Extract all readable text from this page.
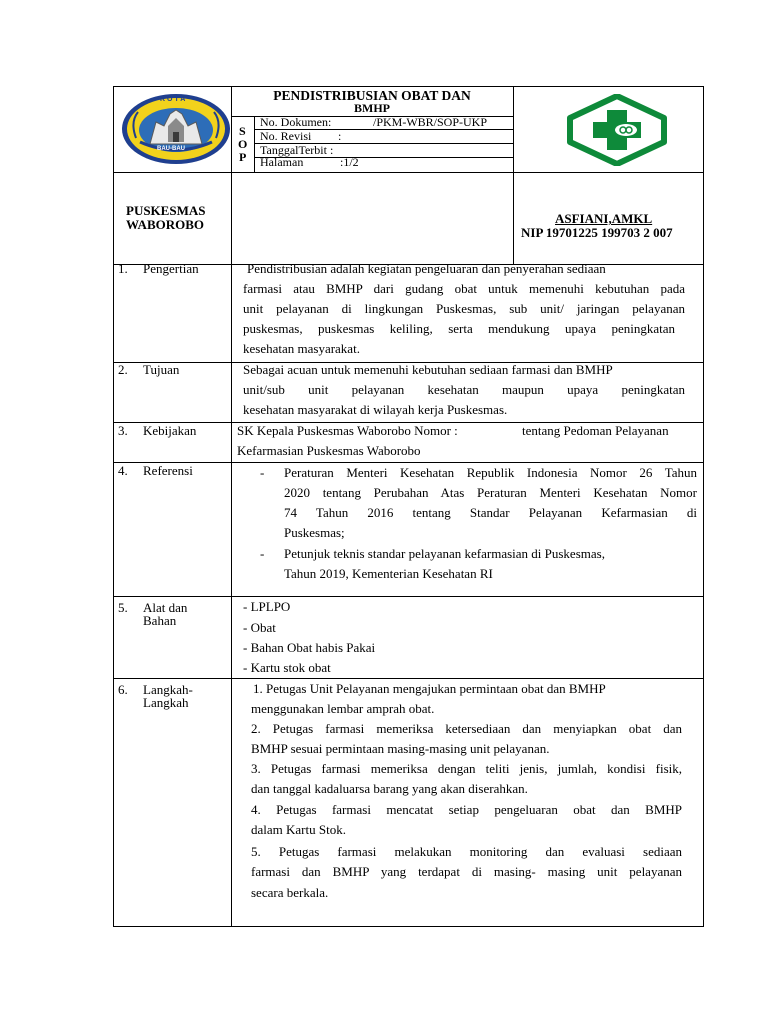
KOTA
BAU-BAU
PENDISTRIBUSIAN OBAT DAN
BMHP
S
O
P
No. Dokumen:	/PKM-WBR/SOP-UKP
No. Revisi :
TanggalTerbit :
Halaman	:1/2
PUSKESMAS
WABOROBO	ASFIANI,AMKL
NIP 19701225 199703 2 007
1. Pengertian	Pendistribusian adalah kegiatan pengeluaran dan penyerahan sediaan
farmasi atau BMHP dari gudang obat untuk memenuhi kebutuhan pada
unit pelayanan di lingkungan Puskesmas, sub unit/ jaringan pelayanan
puskesmas, puskesmas keliling, serta mendukung upaya peningkatan
kesehatan masyarakat.
2. Tujuan	Sebagai acuan untuk memenuhi kebutuhan sediaan farmasi dan BMHP
unit/sub unit pelayanan kesehatan maupun upaya peningkatan
kesehatan masyarakat di wilayah kerja Puskesmas.
3. Kebijakan	SK Kepala Puskesmas Waborobo Nomor :	tentang Pedoman Pelayanan
Kefarmasian Puskesmas Waborobo
4. Referensi	- Peraturan Menteri Kesehatan Republik Indonesia Nomor 26 Tahun
2020 tentang Perubahan Atas Peraturan Menteri Kesehatan Nomor
74 Tahun 2016 tentang Standar Pelayanan Kefarmasian di
Puskesmas;
- Petunjuk teknis standar pelayanan kefarmasian di Puskesmas,
Tahun 2019, Kementerian Kesehatan RI
5. Alat dan
Bahan
- LPLPO
- Obat
- Bahan Obat habis Pakai
- Kartu stok obat
6. Langkah-
Langkah
1. Petugas Unit Pelayanan mengajukan permintaan obat dan BMHP
menggunakan lembar amprah obat.
2. Petugas farmasi memeriksa ketersediaan dan menyiapkan obat dan
BMHP sesuai permintaan masing-masing unit pelayanan.
3. Petugas farmasi memeriksa dengan teliti jenis, jumlah, kondisi fisik,
dan tanggal kadaluarsa barang yang akan diserahkan.
4. Petugas farmasi mencatat setiap pengeluaran obat dan BMHP
dalam Kartu Stok.
5. Petugas farmasi melakukan monitoring dan evaluasi sediaan
farmasi dan BMHP yang terdapat di masing- masing unit pelayanan
secara berkala.
